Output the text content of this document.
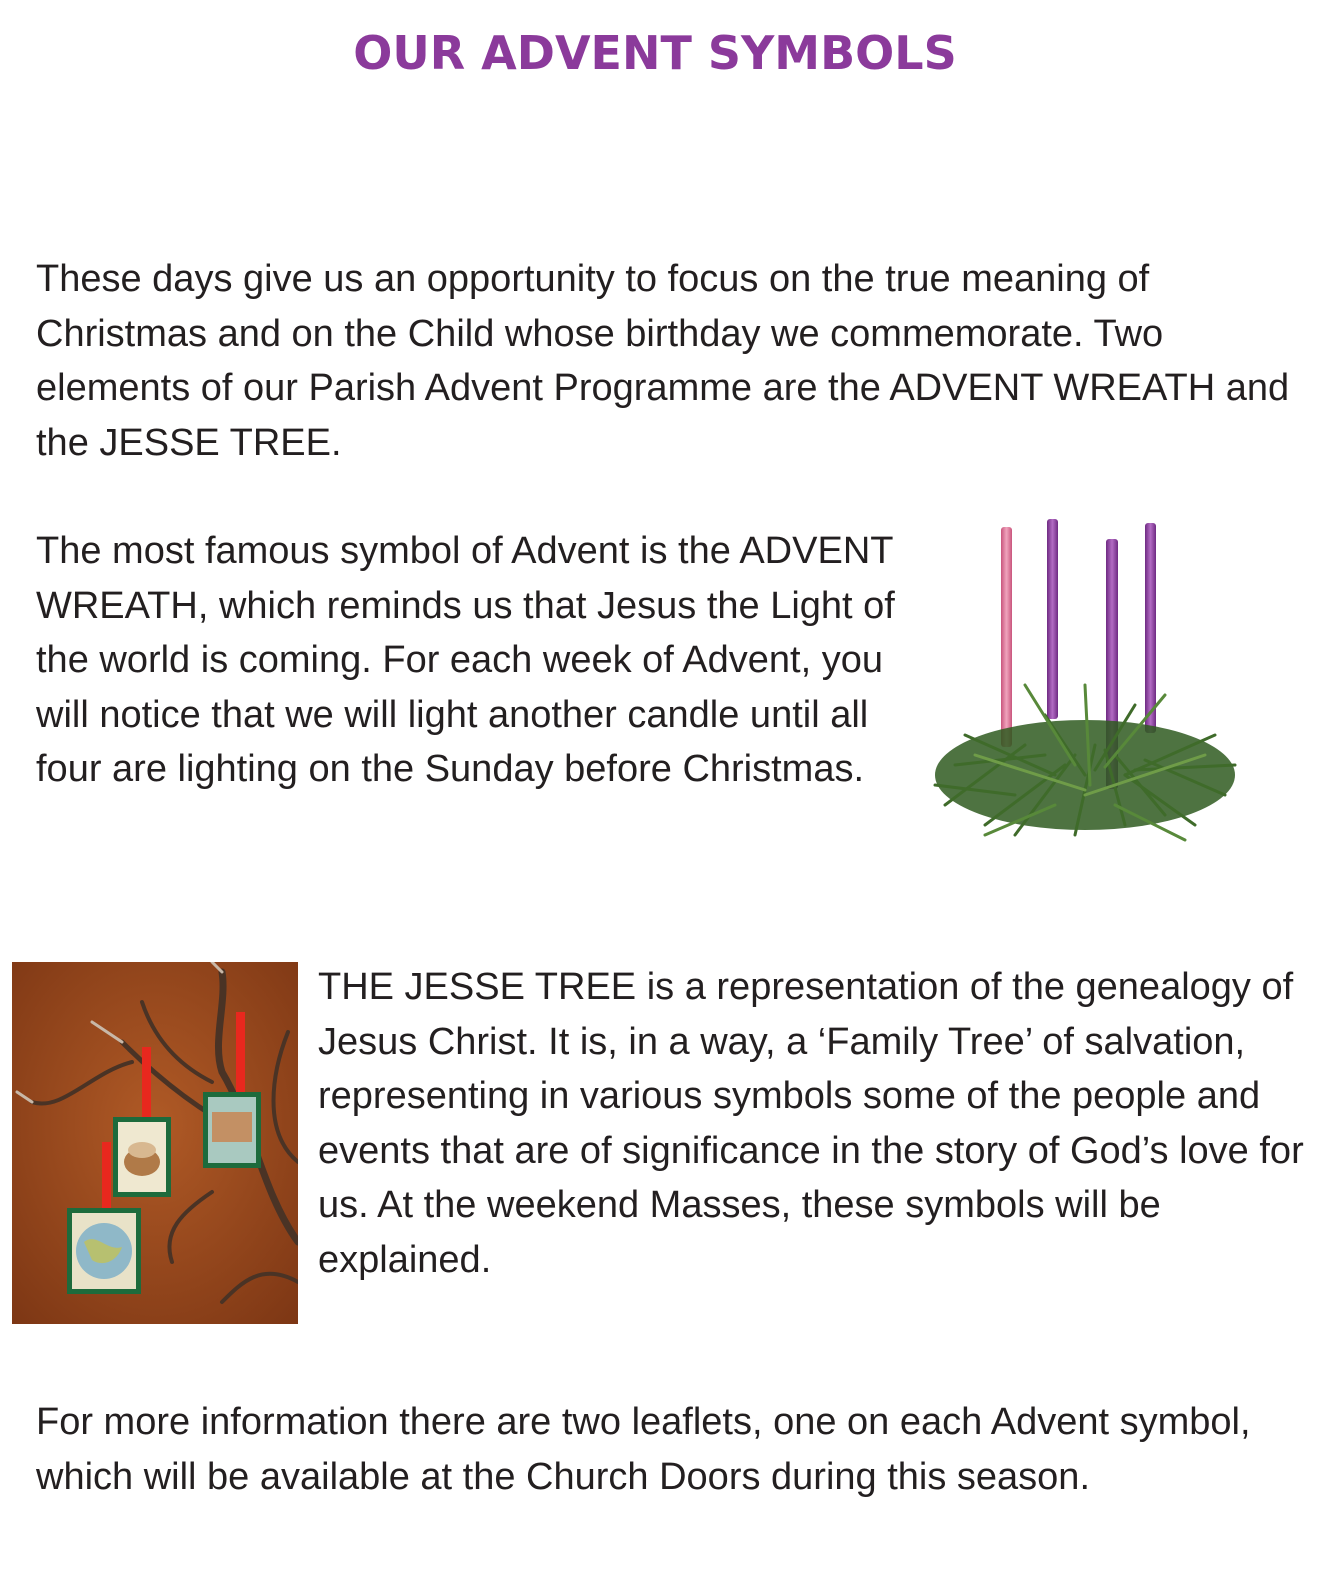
OUR ADVENT SYMBOLS

These days give us an opportunity to focus on the true meaning of Christmas and on the Child whose birthday we commemorate. Two elements of our Parish Advent Programme are the ADVENT WREATH and the JESSE TREE.

The most famous symbol of Advent is the ADVENT WREATH, which reminds us that Jesus the Light of the world is coming. For each week of Advent, you will notice that we will light another candle until all four are lighting on the Sunday before Christmas.

THE JESSE TREE is a representation of the genealogy of Jesus Christ. It is, in a way, a ‘Family Tree’ of salvation, representing in various symbols some of the people and events that are of significance in the story of God’s love for us. At the weekend Masses, these symbols will be explained.

For more information there are two leaflets, one on each Advent symbol, which will be available at the Church Doors during this season.
